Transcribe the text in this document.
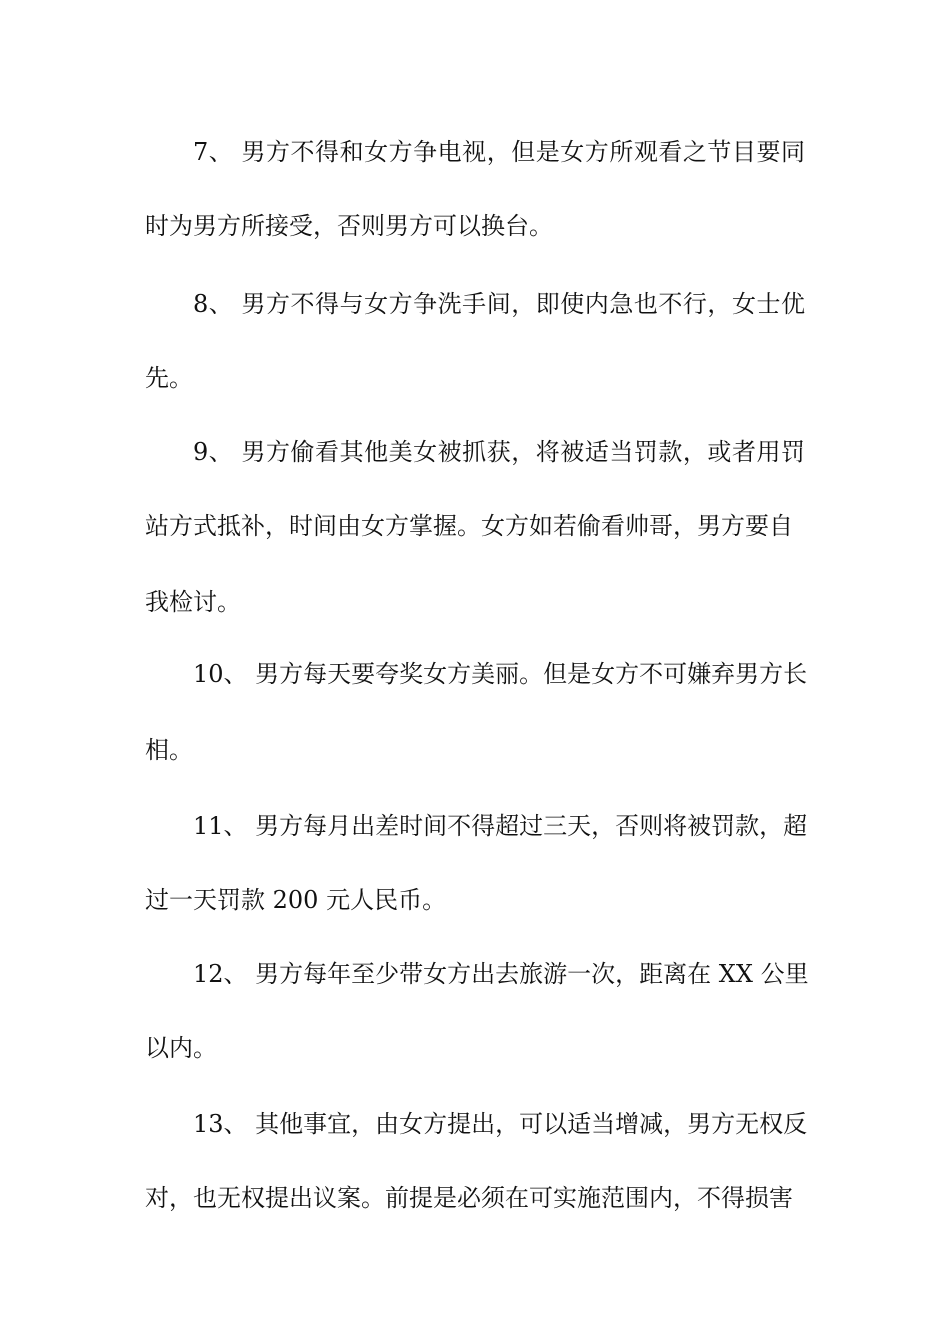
7、 男方不得和女方争电视，但是女方所观看之节目要同
时为男方所接受，否则男方可以换台。
8、 男方不得与女方争洗手间，即使内急也不行，女士优
先。
9、 男方偷看其他美女被抓获，将被适当罚款，或者用罚
站方式抵补，时间由女方掌握。女方如若偷看帅哥，男方要自
我检讨。
10、 男方每天要夸奖女方美丽。但是女方不可嫌弃男方长
相。
11、 男方每月出差时间不得超过三天，否则将被罚款，超
过一天罚款 200 元人民币。
12、 男方每年至少带女方出去旅游一次，距离在 XX 公里
以内。
13、 其他事宜，由女方提出，可以适当增减，男方无权反
对，也无权提出议案。前提是必须在可实施范围内，不得损害
